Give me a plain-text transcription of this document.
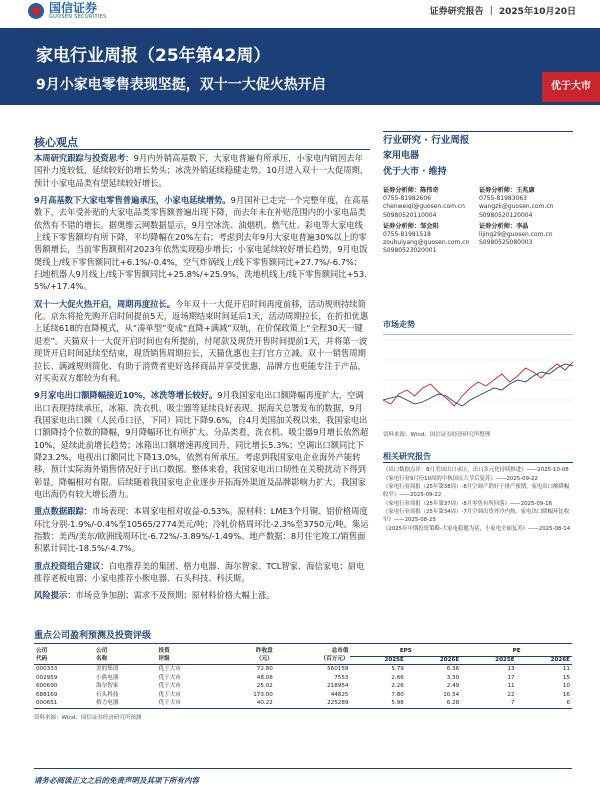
国信证券
GUOSEN SECURITIES	证券研究报告 ｜ 2025年10月20日
家电行业周报（25年第42周）
9月小家电零售表现坚挺，双十一大促火热开启	优于大市
核心观点
本周研究跟踪与投资思考：9月内外销高基数下，大家电普遍有所承压，小家电内销因去年国补力度较低，延续较好的增长势头；冰洗外销延续稳健走势。10月进入双十一大促周期，预计小家电品类有望延续较好增长。
9月高基数下大家电零售普遍承压，小家电延续增势。9月国补已走完一个完整年度，在高基数下，去年受补贴的大家电品类零售额普遍出现下降，而去年未在补贴范围内的小家电品类依然有不错的增长。据奥维云网数据显示，9月空冰洗、油烟机、燃气灶、彩电等大家电线上线下零售额均有所下降，平均降幅在20%左右；考虑到去年9月大家电普遍30%以上的零售额增长，当前零售额相对2023年依然实现稳步增长；小家电延续较好增长趋势，9月电饭煲线上/线下零售额同比+6.1%/-0.4%，空气炸锅线上/线下零售额同比+27.7%/-6.7%；扫地机器人9月线上/线下零售额同比+25.8%/+25.9%，洗地机线上/线下零售额同比+53.5%/+17.4%。
双十一大促火热开启，周期再度拉长。今年双十一大促开启时间再度前移，活动规则持续简化。京东将抢先购开启时间提前5天，返场期结束时间延后1天，活动周期拉长，在折扣优惠上延续618的直降模式，从“凑单型”变成“直降+满减”双轨，在价保政策上“全程30天一键退差”。天猫双十一大促开启时间也有所提前，付尾款及现货开售时间提前1天，并将第一波现货开启时间延续至结束，现货销售周期拉长，天猫优惠也主打官方立减。双十一销售周期拉长、满减规则简化、有助于消费者更好选择商品并享受优惠，品牌方也更能专注于产品，对买卖双方都较为有利。
9月家电出口额降幅接近10%，冰洗等增长较好。9月我国家电出口额降幅再度扩大，空调出口表现持续承压，冰箱、洗衣机、吸尘器等延续良好表现。据海关总署发布的数据，9月我国家电出口额（人民币口径，下同）同比下降9.6%，自4月美国加关税以来，我国家电出口额降持个位数的降幅，9月降幅环比有所扩大。分品类看，洗衣机、吸尘器9月增长依然超10%，延续此前增长趋势；冰箱出口额增速再度回升，同比增长5.3%；空调出口额同比下降23.2%，电视出口额同比下降13.0%，依然有所承压。考虑到我国家电企业海外产能转移，预计实际海外销售情况好于出口数据。整体来看，我国家电出口韧性在关税扰动下得到彰显，降幅相对有限。后续随着我国家电企业逐步开拓海外渠道及品牌影响力扩大，我国家电出海仍有较大增长潜力。
重点数据跟踪：市场表现：本周家电相对收益-0.53%。原材料：LME3个月铜、铝价格周度环比分别-1.9%/-0.4%至10565/2774美元/吨；冷轧价格周环比-2.3%至3750元/吨。集运指数：美西/美东/欧洲线周环比-6.72%/-3.89%/-1.49%。地产数据：8月住宅竣工/销售面积累计同比-18.5%/-4.7%。
重点投资组合建议：白电推荐美的集团、格力电器、海尔智家、TCL智家、海信家电；厨电推荐老板电器；小家电推荐小熊电器、石头科技、科沃斯。
风险提示：市场竞争加剧；需求不及预期；原材料价格大幅上涨。
行业研究 · 行业周报
家用电器
优于大市 · 维持
证券分析师：陈伟奇
0755-81982606
chenweiqi@guosen.com.cn
S0980520110004
证券分析师：王兆康
0755-81983063
wangzk@guosen.com.cn
S0980520120004
证券分析师：邹会阳
0755-81981518
zouhuiyang@guosen.com.cn
S0980523020001
证券分析师：李晶
lijing29@guosen.com.cn
S0980525080003
市场走势
资料来源：Wind、国信证券经济研究所整理
相关研究报告
《出口数据点评：8月美国出口承压，出口多元化持续推进》——2025-10-08
《家电行业9月份10周的中秋国庆大节后复苏》——2025-09-22
《家电行业周报（25年第38周）-8月空调产销好于排产预期，家电出口额降幅收窄》——2025-09-22
《家电行业周报（25年第37周）-8月零售有所回落》——2025-09-16
《家电行业周报（25年第34周）-7月空调出货外冷内热，家电出口降幅环比收窄》——2025-08-25
《2025年中期投资策略-大家电稳健为基，小家电全面复苏》——2025-08-14
重点公司盈利预测及投资评级
公司	公司	投资	昨收盘	总市值	EPS		PE	
代码	名称	评级	（元）	（百万元）	2025E	2026E	2025E	2026E
000333	美的集团	优于大市	72.80	560159	5.79	6.36	13	11
002959	小熊电器	优于大市	48.08	7553	2.66	3.30	17	15
600690	海尔智家	优于大市	25.02	218954	2.26	2.49	11	10
688169	石头科技	优于大市	173.00	44825	7.80	10.54	22	16
000651	格力电器	优于大市	40.22	225289	5.98	6.28	7	6
资料来源：Wind、国信证券经济研究所预测
请务必阅读正文之后的免责声明及其项下所有内容
